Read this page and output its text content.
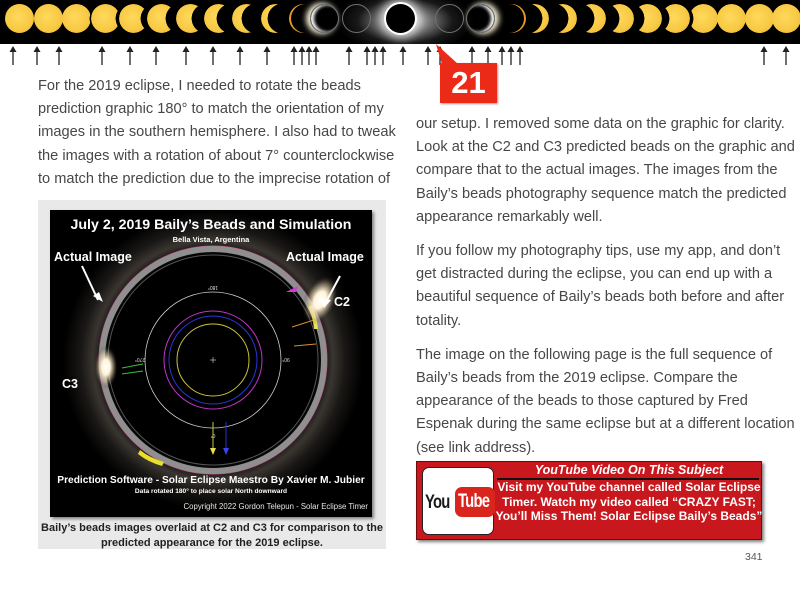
21
For the 2019 eclipse, I needed to rotate the beads prediction graphic 180° to match the orientation of my images in the southern hemisphere. I also had to tweak the images with a rotation of about 7° counterclockwise to match the prediction due to the imprecise rotation of
180°
0°
270°	90°
July 2, 2019 Baily’s Beads and Simulation
Bella Vista, Argentina
Actual Image	Actual Image
C2
C3
Prediction Software - Solar Eclipse Maestro By Xavier M. Jubier
Data rotated 180° to place solar North downward
Copyright 2022 Gordon Telepun - Solar Eclipse Timer
Baily’s beads images overlaid at C2 and C3 for comparison to the predicted appearance for the 2019 eclipse.

our setup. I removed some data on the graphic for clarity. Look at the C2 and C3 predicted beads on the graphic and compare that to the actual images. The images from the Baily’s beads photography sequence match the predicted appearance remarkably well.

If you follow my photography tips, use my app, and don’t get distracted during the eclipse, you can end up with a beautiful sequence of Baily’s beads both before and after totality.

The image on the following page is the full sequence of Baily’s beads from the 2019 eclipse. Compare the appearance of the beads to those captured by Fred Espenak during the same eclipse but at a different location (see link address).

You Tube
YouTube Video On This Subject
Visit my YouTube channel called Solar Eclipse Timer. Watch my video called “CRAZY FAST; You’ll Miss Them! Solar Eclipse Baily’s Beads”
341
